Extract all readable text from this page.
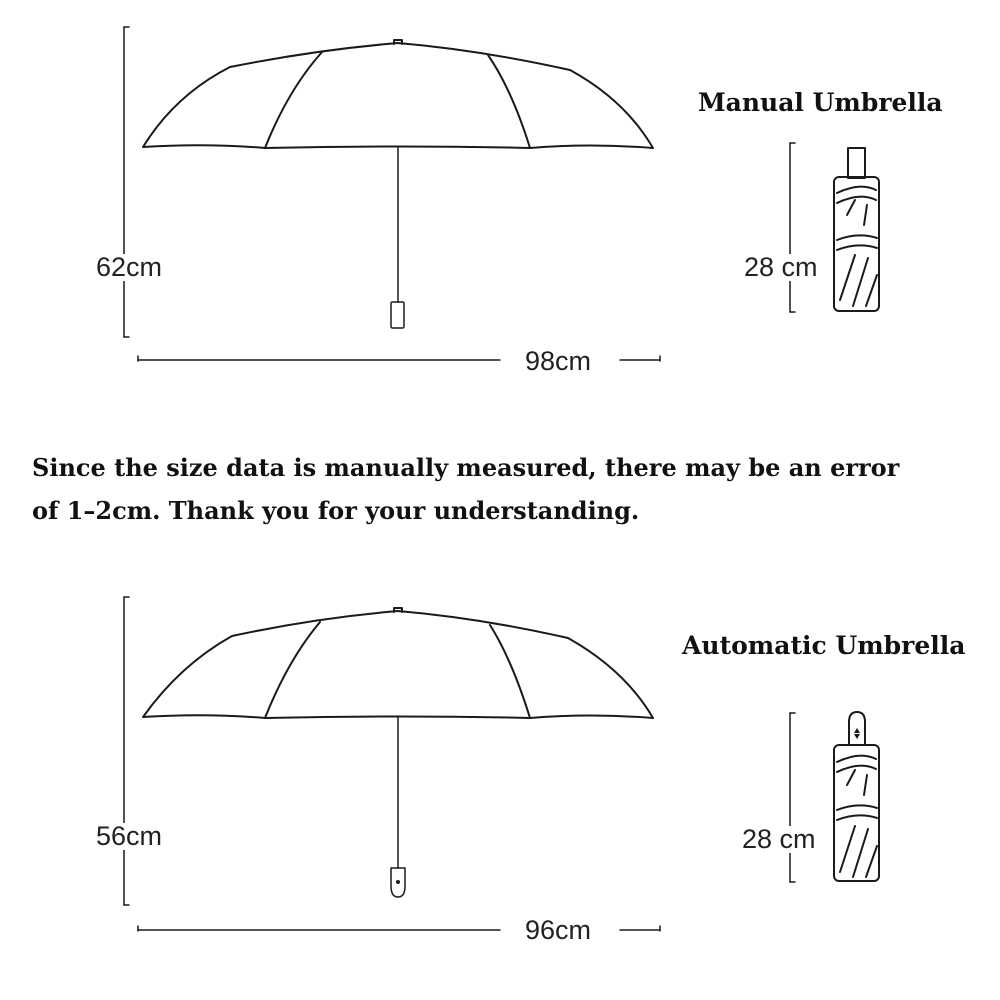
Manual Umbrella
62cm
98cm
28 cm
Since the size data is manually measured, there may be an error
of 1–2cm. Thank you for your understanding.
Automatic Umbrella
56cm
96cm
28 cm
